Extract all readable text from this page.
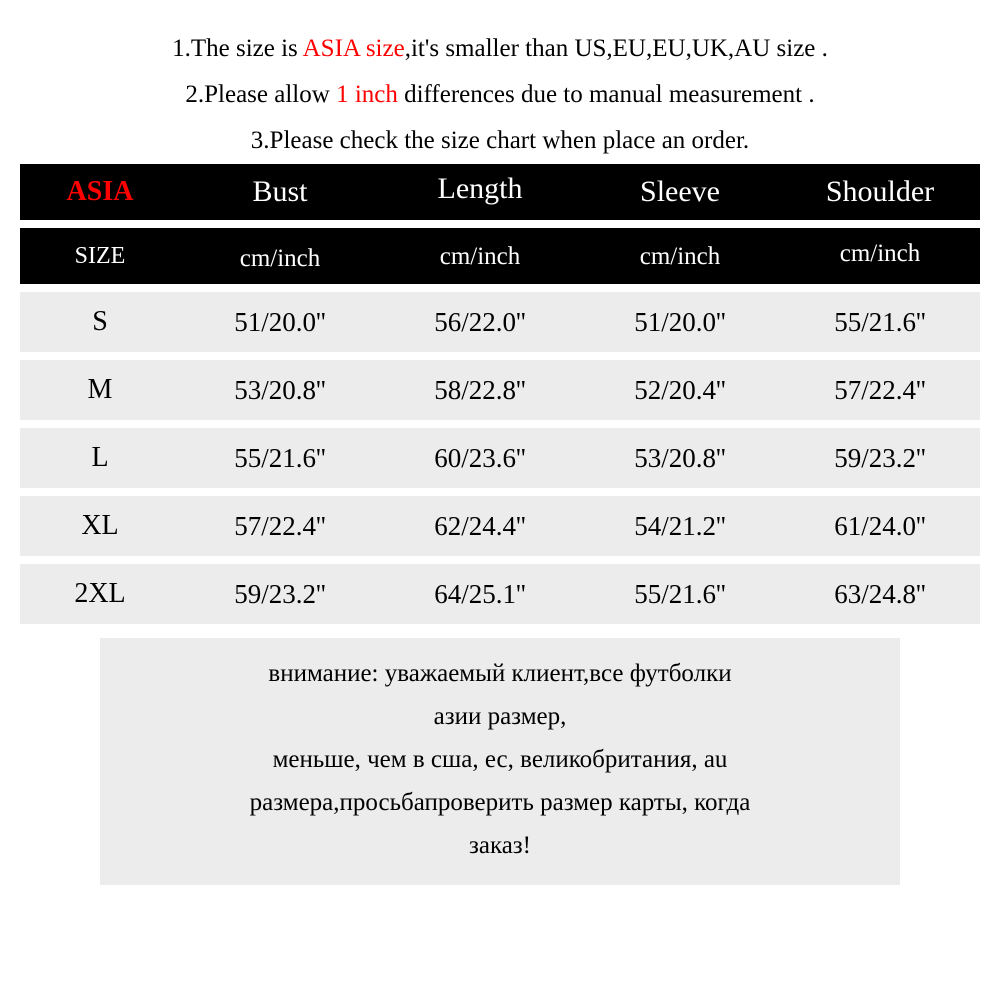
1.The size is ASIA size,it's smaller than US,EU,EU,UK,AU size .
2.Please allow 1 inch differences due to manual measurement .
3.Please check the size chart when place an order.
ASIA	Bust	Length	Sleeve	Shoulder
SIZE	cm/inch	cm/inch	cm/inch	cm/inch
S	51/20.0''	56/22.0''	51/20.0''	55/21.6''
M	53/20.8''	58/22.8''	52/20.4''	57/22.4''
L	55/21.6''	60/23.6''	53/20.8''	59/23.2''
XL	57/22.4''	62/24.4''	54/21.2''	61/24.0''
2XL	59/23.2''	64/25.1''	55/21.6''	63/24.8''
внимание: уважаемый клиент,все футболки
азии размер,
меньше, чем в сша, ес, великобритания, au
размера,просьбапроверить размер карты, когда
заказ!
